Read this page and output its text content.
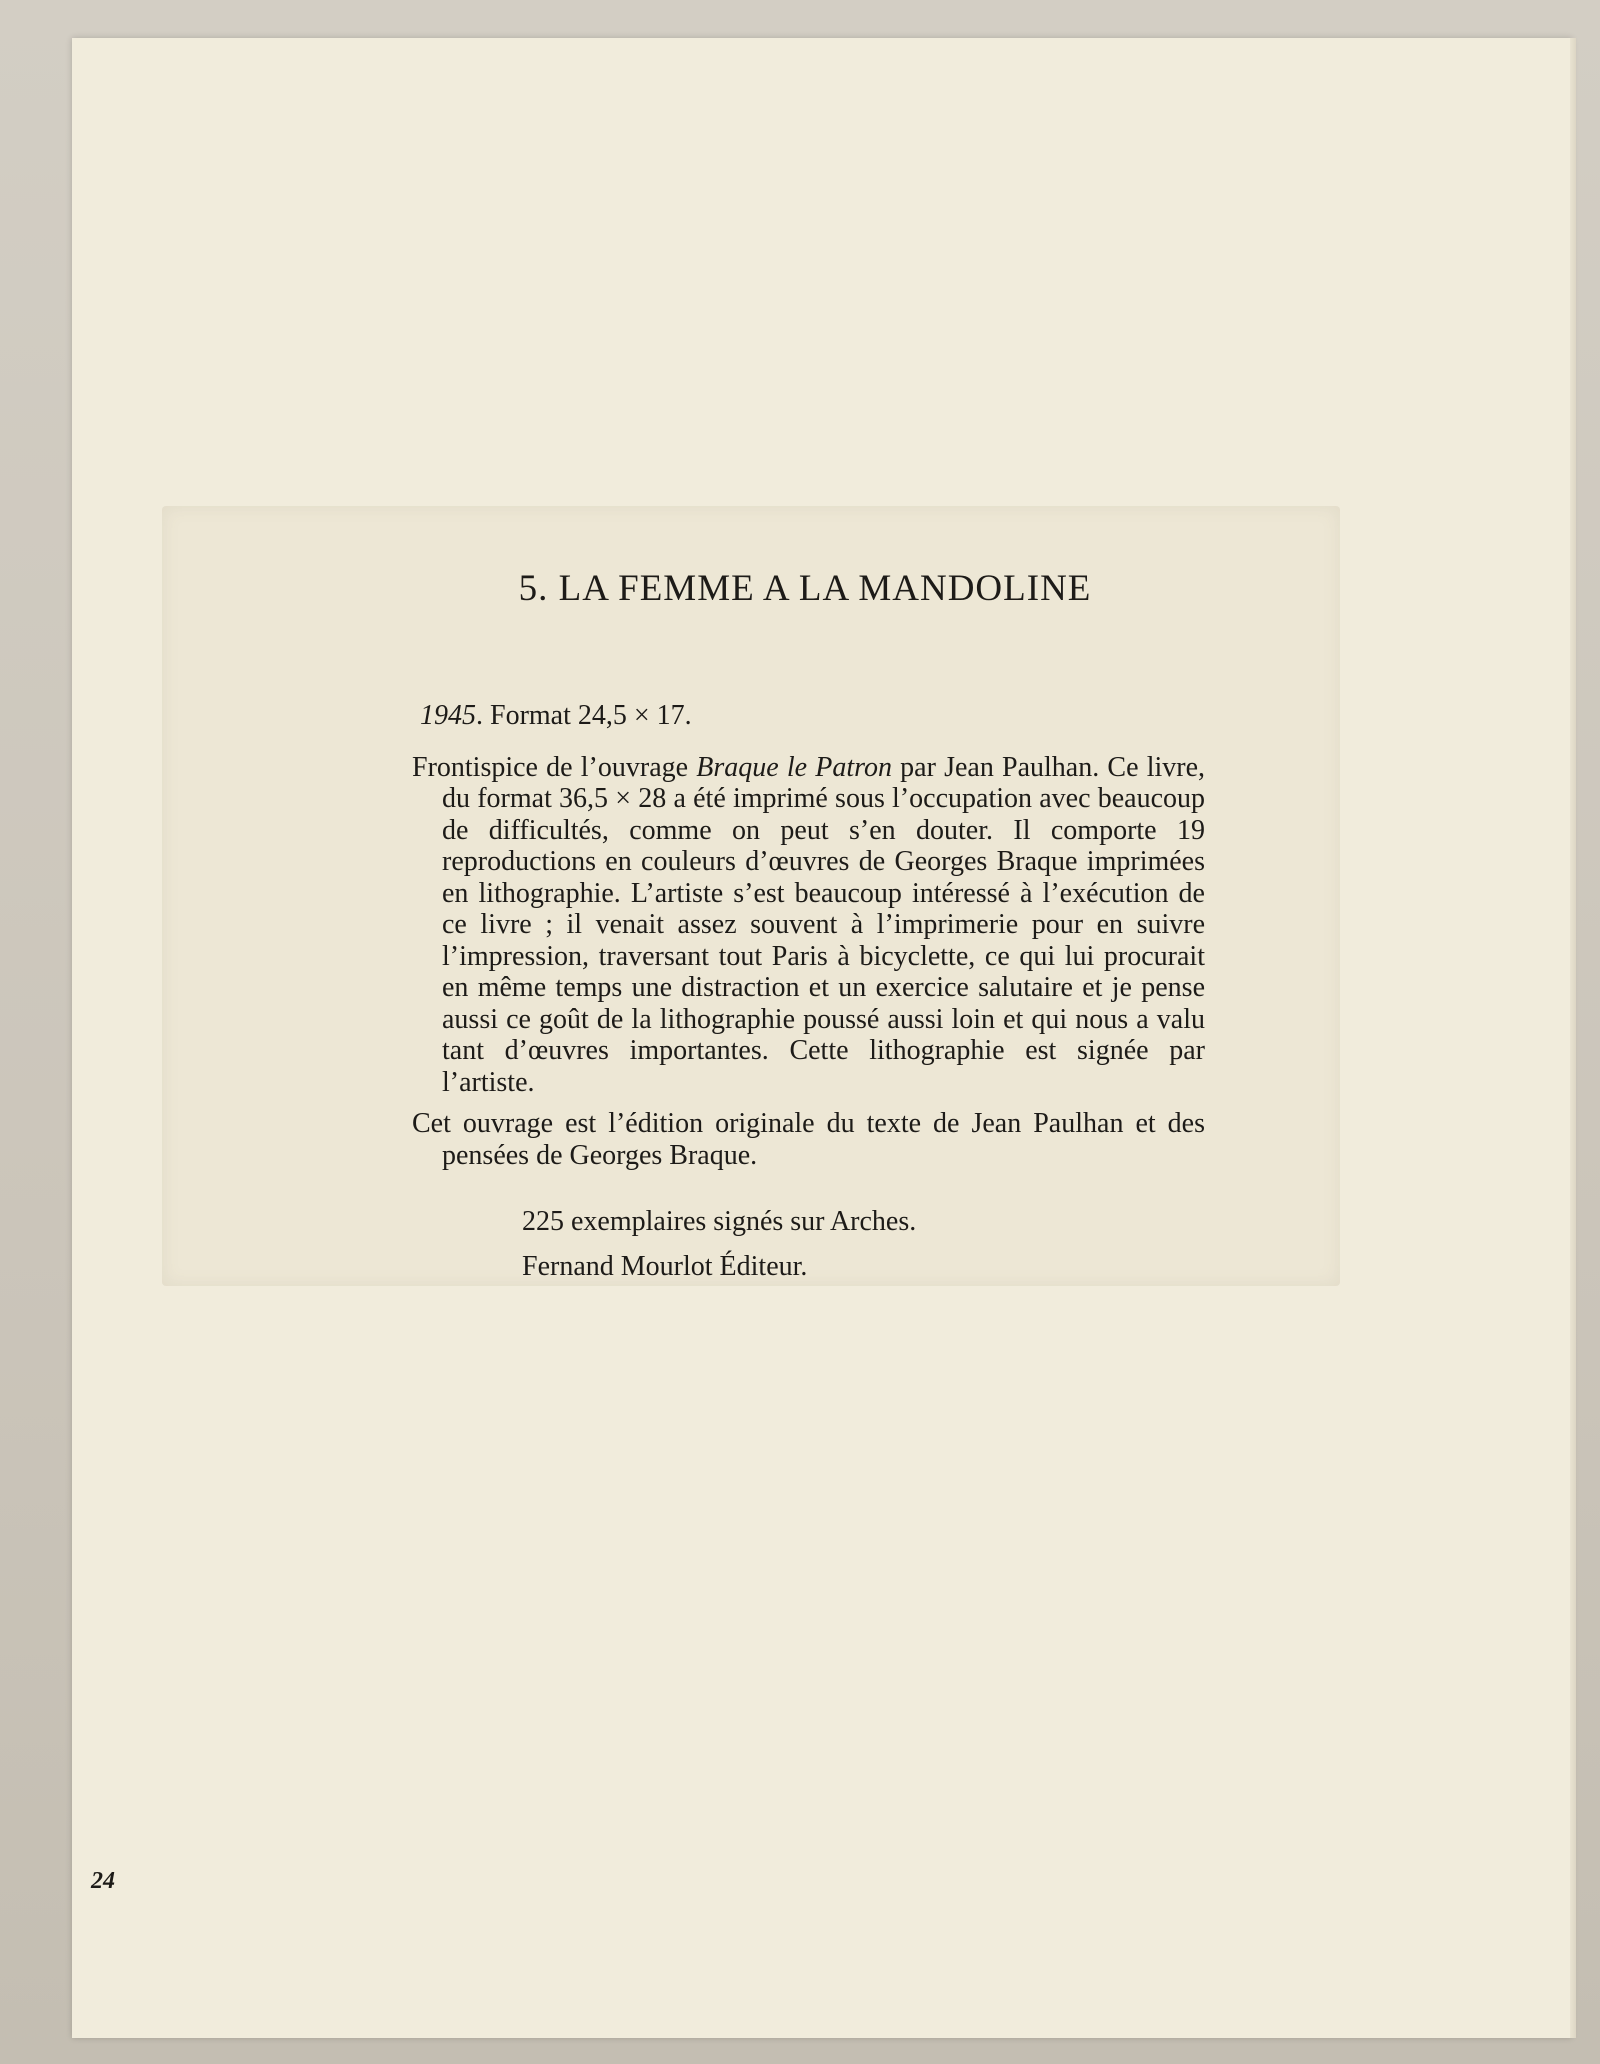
5. LA FEMME A LA MANDOLINE
1945. Format 24,5 × 17.

Frontispice de l’ouvrage Braque le Patron par Jean Paulhan. Ce livre, du format 36,5 × 28 a été imprimé sous l’occupation avec beaucoup de difficultés, comme on peut s’en douter. Il comporte 19 reproductions en couleurs d’œuvres de Georges Braque imprimées en lithographie. L’artiste s’est beaucoup intéressé à l’exécution de ce livre ; il venait assez souvent à l’imprimerie pour en suivre l’impression, traversant tout Paris à bicyclette, ce qui lui procurait en même temps une distraction et un exercice salutaire et je pense aussi ce goût de la lithographie poussé aussi loin et qui nous a valu tant d’œuvres importantes. Cette lithographie est signée par l’artiste.

Cet ouvrage est l’édition originale du texte de Jean Paulhan et des pensées de Georges Braque.

225 exemplaires signés sur Arches.
Fernand Mourlot Éditeur.
24
